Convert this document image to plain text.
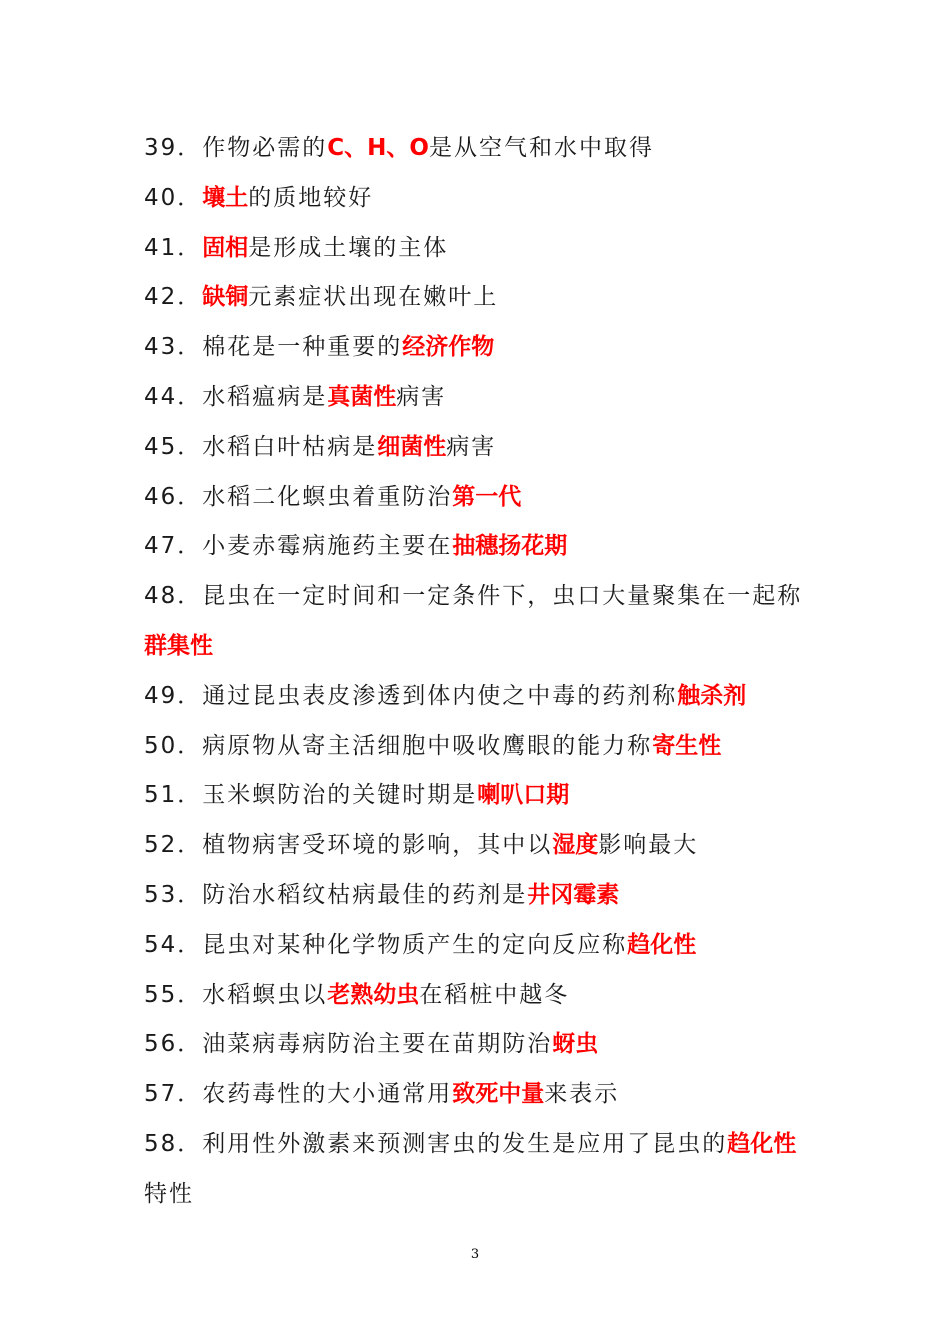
39．作物必需的C、H、O是从空气和水中取得
40．壤土的质地较好
41．固相是形成土壤的主体
42．缺铜元素症状出现在嫩叶上
43．棉花是一种重要的经济作物
44．水稻瘟病是真菌性病害
45．水稻白叶枯病是细菌性病害
46．水稻二化螟虫着重防治第一代
47．小麦赤霉病施药主要在抽穗扬花期
48．昆虫在一定时间和一定条件下，虫口大量聚集在一起称
群集性
49．通过昆虫表皮渗透到体内使之中毒的药剂称触杀剂
50．病原物从寄主活细胞中吸收鹰眼的能力称寄生性
51．玉米螟防治的关键时期是喇叭口期
52．植物病害受环境的影响，其中以湿度影响最大
53．防治水稻纹枯病最佳的药剂是井冈霉素
54．昆虫对某种化学物质产生的定向反应称趋化性
55．水稻螟虫以老熟幼虫在稻桩中越冬
56．油菜病毒病防治主要在苗期防治蚜虫
57．农药毒性的大小通常用致死中量来表示
58．利用性外激素来预测害虫的发生是应用了昆虫的趋化性
特性
3
